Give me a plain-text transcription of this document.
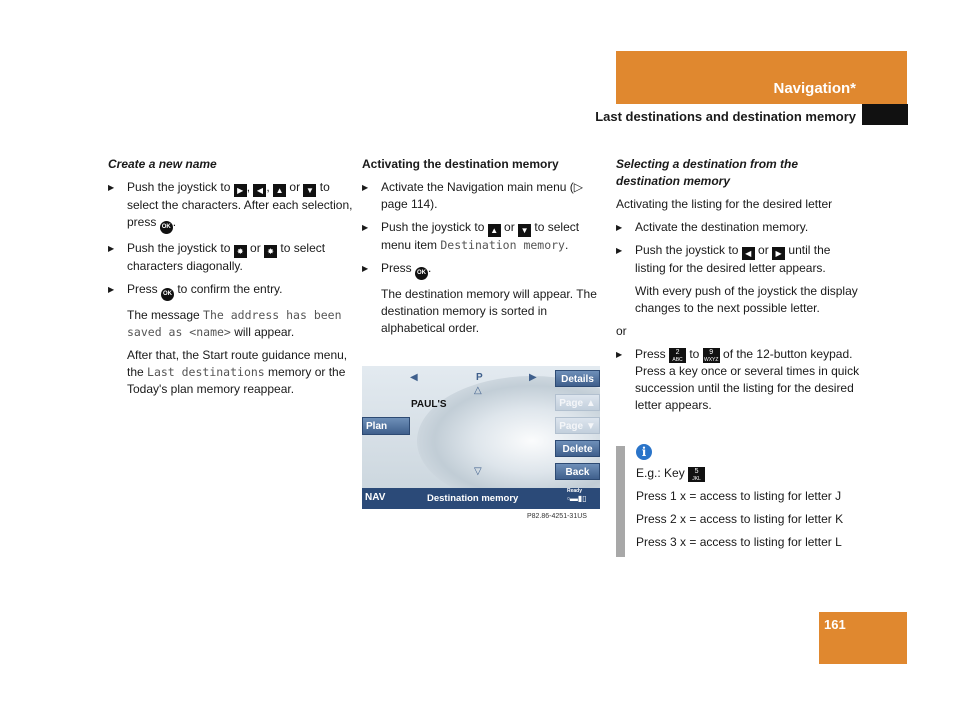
Navigation*
Last destinations and destination memory
Create a new name
▶ Push the joystick to ▶ , ◀ , ▲ or ▼ to select the characters. After each selection, press OK .
▶ Push the joystick to ✸ or ✸ to select characters diagonally.
▶ Press OK to confirm the entry.

The message The address has been saved as <name> will appear.

After that, the Start route guidance menu, the Last destinations memory or the Today's plan memory reappear.

Activating the destination memory
▶ Activate the Navigation main menu (▷ page 114).
▶ Push the joystick to ▲ or ▼ to select menu item Destination memory.
▶ Press OK .

The destination memory will appear. The destination memory is sorted in alphabetical order.

◀	P	▶
△
PAUL'S
Plan
▽
Details
Page ▲
Page ▼
Delete
Back
NAV	Destination memory
Ready
▫▬▮▯
P82.86-4251-31US
Selecting a destination from the destination memory

Activating the listing for the desired letter

▶ Activate the destination memory.
▶ Push the joystick to ◀ or ▶ until the listing for the desired letter appears.

With every push of the joystick the display changes to the next possible letter.

or

▶ Press 2
ABC to 9
WXYZ of the 12-button keypad. Press a key once or several times in quick succession until the listing for the desired letter appears.
i

E.g.: Key 5
JKL

Press 1 x = access to listing for letter J

Press 2 x = access to listing for letter K

Press 3 x = access to listing for letter L

161
